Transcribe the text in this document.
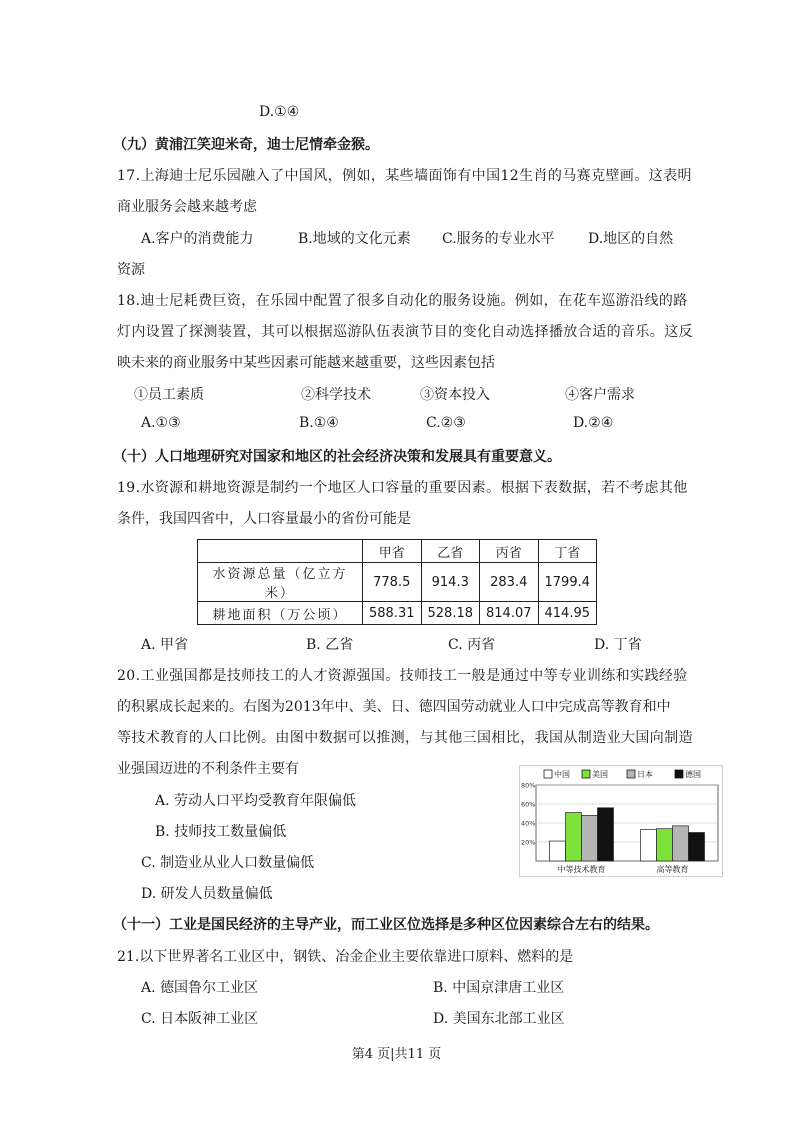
D.①④
（九）黄浦江笑迎米奇，迪士尼情牵金猴。
17.上海迪士尼乐园融入了中国风，例如，某些墙面饰有中国12生肖的马赛克壁画。这表明
商业服务会越来越考虑
A.客户的消费能力	B.地域的文化元素 C.服务的专业水平 D.地区的自然
资源
18.迪士尼耗费巨资，在乐园中配置了很多自动化的服务设施。例如，在花车巡游沿线的路
灯内设置了探测装置，其可以根据巡游队伍表演节目的变化自动选择播放合适的音乐。这反
映未来的商业服务中某些因素可能越来越重要，这些因素包括
①员工素质	②科学技术	③资本投入	④客户需求
A.①③	B.①④	C.②③	D.②④
（十）人口地理研究对国家和地区的社会经济决策和发展具有重要意义。
19.水资源和耕地资源是制约一个地区人口容量的重要因素。根据下表数据，若不考虑其他
条件，我国四省中，人口容量最小的省份可能是
	甲省	乙省	丙省	丁省
水资源总量（亿立方米）	778.5	914.3	283.4	1799.4
耕地面积（万公顷）	588.31	528.18	814.07	414.95
A. 甲省	B. 乙省	C. 丙省	D. 丁省
20.工业强国都是技师技工的人才资源强国。技师技工一般是通过中等专业训练和实践经验
的积累成长起来的。右图为2013年中、美、日、德四国劳动就业人口中完成高等教育和中
等技术教育的人口比例。由图中数据可以推测，与其他三国相比，我国从制造业大国向制造
业强国迈进的不利条件主要有
A. 劳动人口平均受教育年限偏低
B. 技师技工数量偏低
C. 制造业从业人口数量偏低
D. 研发人员数量偏低
中国	美国	日本	德国
20%
40%
60%
80%
中等技术教育	高等教育
（十一）工业是国民经济的主导产业，而工业区位选择是多种区位因素综合左右的结果。
21.以下世界著名工业区中，钢铁、冶金企业主要依靠进口原料、燃料的是
A. 德国鲁尔工业区	B. 中国京津唐工业区
C. 日本阪神工业区	D. 美国东北部工业区
第4 页|共11 页
